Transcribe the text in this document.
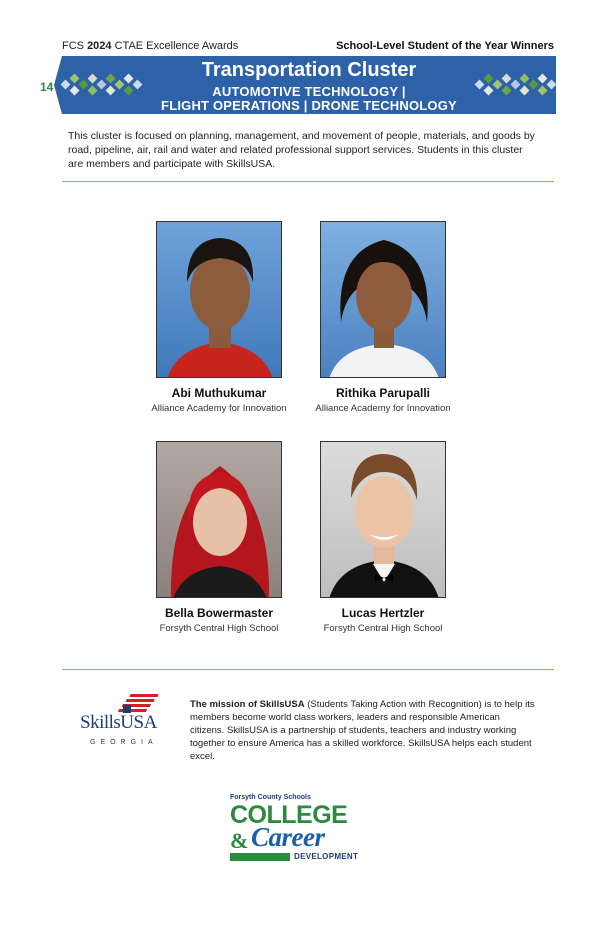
FCS 2024 CTAE Excellence Awards	School-Level Student of the Year Winners
14
Transportation Cluster
AUTOMOTIVE TECHNOLOGY |
FLIGHT OPERATIONS | DRONE TECHNOLOGY

This cluster is focused on planning, management, and movement of people, materials, and goods by road, pipeline, air, rail and water and related professional support services. Students in this cluster are members and participate with SkillsUSA.

Abi Muthukumar
Alliance Academy for Innovation
Rithika Parupalli
Alliance Academy for Innovation
Bella Bowermaster
Forsyth Central High School
Lucas Hertzler
Forsyth Central High School
SkillsUSA
GEORGIA

The mission of SkillsUSA (Students Taking Action with Recognition) is to help its members become world class workers, leaders and responsible American citizens. SkillsUSA is a partnership of students, teachers and industry working together to ensure America has a skilled workforce. SkillsUSA helps each student excel.

Forsyth County Schools
COLLEGE
& Career
DEVELOPMENT
